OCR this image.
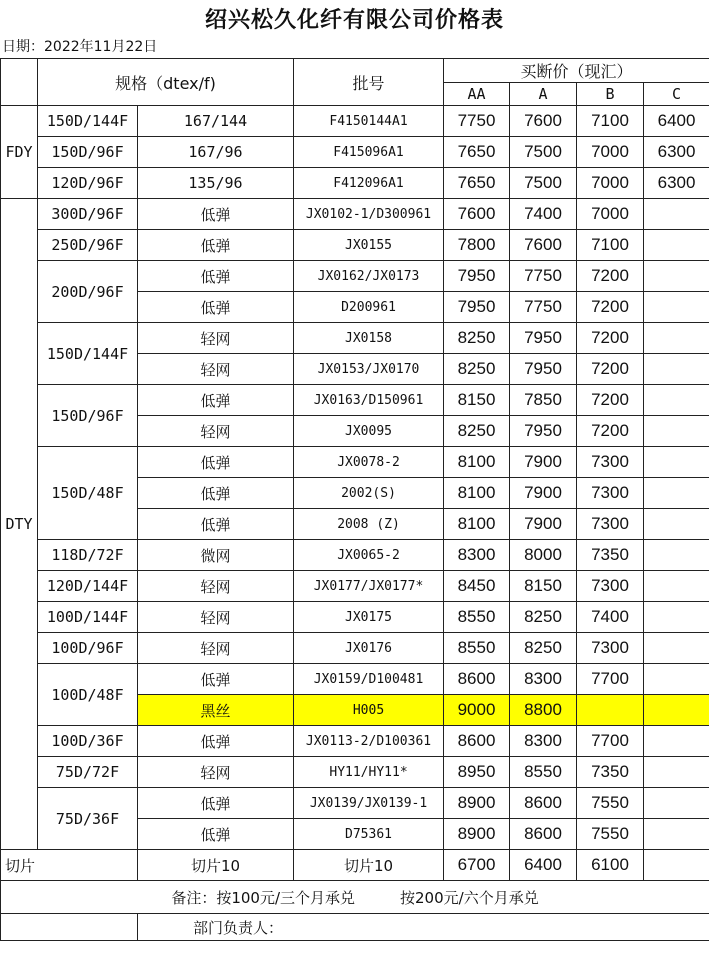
绍兴松久化纤有限公司价格表
日期：2022年11月22日
	规格（dtex/f)		批号	买断价（现汇）			
				AA	A	B	C
FDY	150D/144F	167/144	F4150144A1	7750	7600	7100	6400
	150D/96F	167/96	F415096A1	7650	7500	7000	6300
	120D/96F	135/96	F412096A1	7650	7500	7000	6300
DTY	300D/96F	低弹	JX0102-1/D300961	7600	7400	7000	
	250D/96F	低弹	JX0155	7800	7600	7100	
	200D/96F	低弹	JX0162/JX0173	7950	7750	7200	
		低弹	D200961	7950	7750	7200	
	150D/144F	轻网	JX0158	8250	7950	7200	
		轻网	JX0153/JX0170	8250	7950	7200	
	150D/96F	低弹	JX0163/D150961	8150	7850	7200	
		轻网	JX0095	8250	7950	7200	
	150D/48F	低弹	JX0078-2	8100	7900	7300	
		低弹	2002(S)	8100	7900	7300	
		低弹	2008 (Z)	8100	7900	7300	
	118D/72F	微网	JX0065-2	8300	8000	7350	
	120D/144F	轻网	JX0177/JX0177*	8450	8150	7300	
	100D/144F	轻网	JX0175	8550	8250	7400	
	100D/96F	轻网	JX0176	8550	8250	7300	
	100D/48F	低弹	JX0159/D100481	8600	8300	7700	
		黑丝	H005	9000	8800		
	100D/36F	低弹	JX0113-2/D100361	8600	8300	7700	
	75D/72F	轻网	HY11/HY11*	8950	8550	7350	
	75D/36F	低弹	JX0139/JX0139-1	8900	8600	7550	
		低弹	D75361	8900	8600	7550	
切片		切片10	切片10	6700	6400	6100	
备注：按100元/三个月承兑　　　按200元/六个月承兑							
		部门负责人：					
